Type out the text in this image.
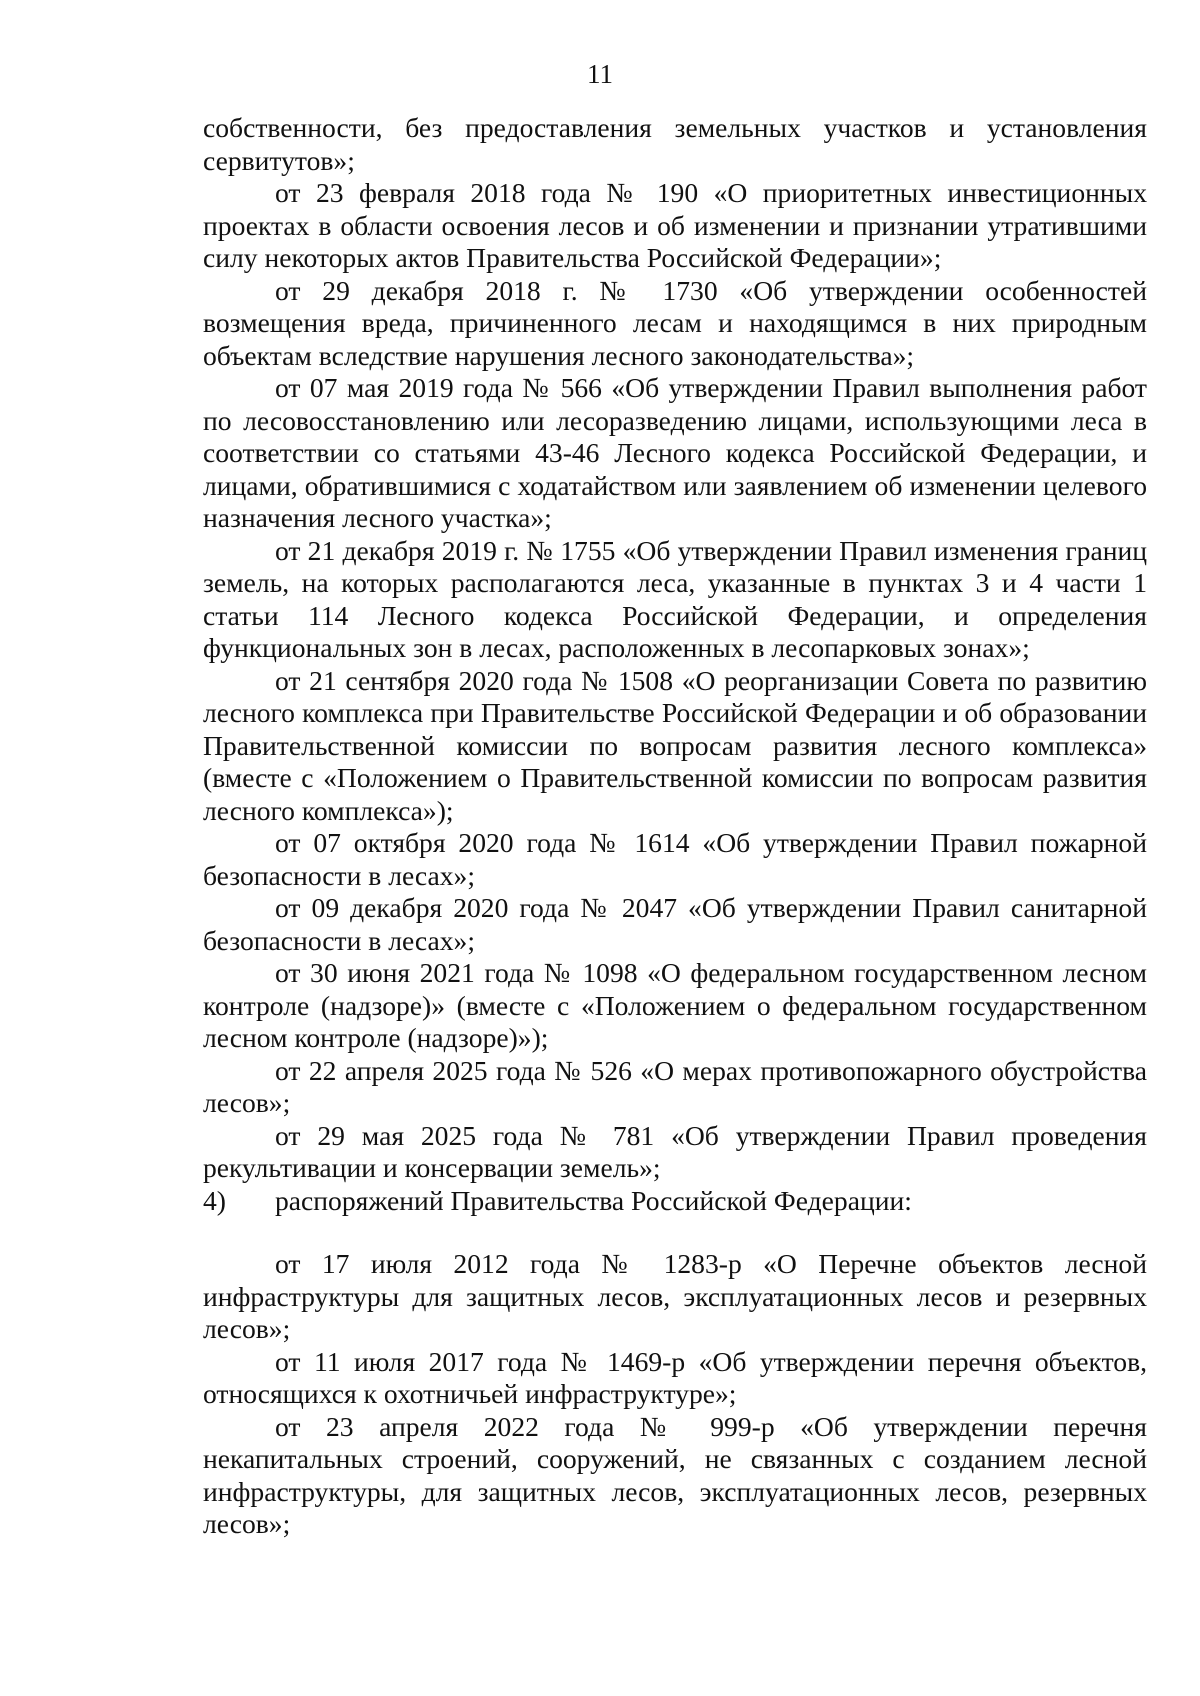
11

собственности, без предоставления земельных участков и установления сервитутов»;

от 23 февраля 2018 года № 190 «О приоритетных инвестиционных проектах в области освоения лесов и об изменении и признании утратившими силу некоторых актов Правительства Российской Федерации»;

от 29 декабря 2018 г. № 1730 «Об утверждении особенностей возмещения вреда, причиненного лесам и находящимся в них природным объектам вследствие нарушения лесного законодательства»;

от 07 мая 2019 года № 566 «Об утверждении Правил выполнения работ по лесовосстановлению или лесоразведению лицами, использующими леса в соответствии со статьями 43-46 Лесного кодекса Российской Федерации, и лицами, обратившимися с ходатайством или заявлением об изменении целевого назначения лесного участка»;

от 21 декабря 2019 г. № 1755 «Об утверждении Правил изменения границ земель, на которых располагаются леса, указанные в пунктах 3 и 4 части 1 статьи 114 Лесного кодекса Российской Федерации, и определения функциональных зон в лесах, расположенных в лесопарковых зонах»;

от 21 сентября 2020 года № 1508 «О реорганизации Совета по развитию лесного комплекса при Правительстве Российской Федерации и об образовании Правительственной комиссии по вопросам развития лесного комплекса» (вместе с «Положением о Правительственной комиссии по вопросам развития лесного комплекса»);

от 07 октября 2020 года № 1614 «Об утверждении Правил пожарной безопасности в лесах»;

от 09 декабря 2020 года № 2047 «Об утверждении Правил санитарной безопасности в лесах»;

от 30 июня 2021 года № 1098 «О федеральном государственном лесном контроле (надзоре)» (вместе с «Положением о федеральном государственном лесном контроле (надзоре)»);

от 22 апреля 2025 года № 526 «О мерах противопожарного обустройства лесов»;

от 29 мая 2025 года № 781 «Об утверждении Правил проведения рекультивации и консервации земель»;

4)	распоряжений Правительства Российской Федерации:

от 17 июля 2012 года № 1283-р «О Перечне объектов лесной инфраструктуры для защитных лесов, эксплуатационных лесов и резервных лесов»;

от 11 июля 2017 года № 1469-р «Об утверждении перечня объектов, относящихся к охотничьей инфраструктуре»;

от 23 апреля 2022 года № 999-р «Об утверждении перечня некапитальных строений, сооружений, не связанных с созданием лесной инфраструктуры, для защитных лесов, эксплуатационных лесов, резервных лесов»;
